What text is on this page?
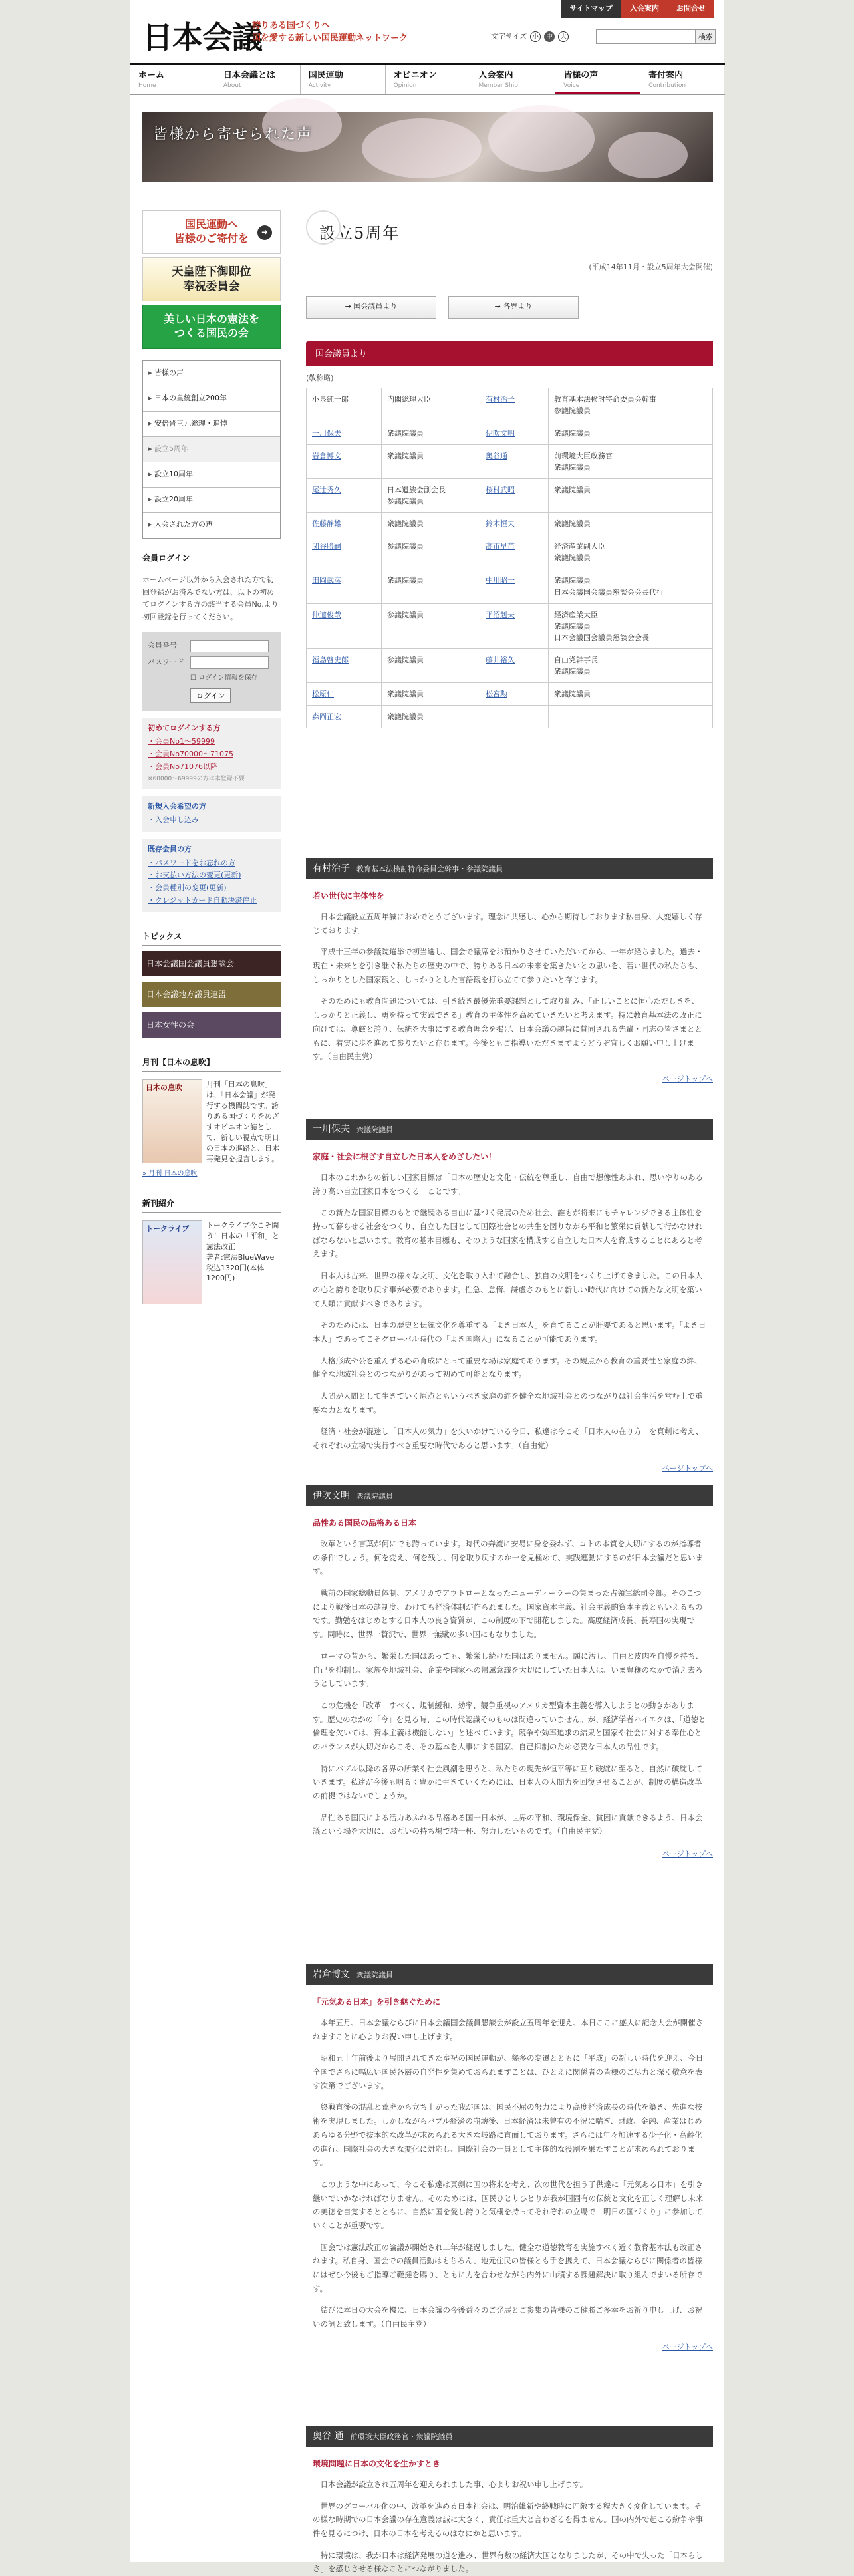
日本会議
誇りある国づくりへ
国を愛する新しい国民運動ネットワーク
サイトマップ	入会案内	お問合せ
文字サイズ 小	中	大	検索
ホーム
Home
日本会議とは
About
国民運動
Activity
オピニオン
Opinion
入会案内
Member Ship
皆様の声
Voice
寄付案内
Contribution
皆様から寄せられた声
国民運動へ
皆様のご寄付を	➜
天皇陛下御即位
奉祝委員会
美しい日本の憲法を
つくる国民の会
▸ 皆様の声
▸ 日本の皇統創立200年
▸ 安倍晋三元総理・追悼
▸ 設立5周年
▸ 設立10周年
▸ 設立20周年
▸ 入会された方の声
会員ログイン
ホームページ以外から入会された方で初回登録がお済みでない方は、以下の初めてログインする方の該当する会員No.より初回登録を行ってください。
会員番号
パスワード
☐ ログイン情報を保存
ログイン
初めてログインする方
・会員No1〜59999
・会員No70000〜71075
・会員No71076以降
※60000〜69999の方は本登録不要
新規入会希望の方
・入会申し込み
既存会員の方
・パスワードをお忘れの方
・お支払い方法の変更(更新)
・会員種別の変更(更新)
・クレジットカード自動決済停止
トピックス
日本会議国会議員懇談会
日本会議地方議員連盟
日本女性の会
月刊【日本の息吹】
日本の息吹	月刊「日本の息吹」は、「日本会議」が発行する機関誌です。誇りある国づくりをめざすオピニオン誌として、新しい視点で明日の日本の進路と、日本再発見を提言します。
» 月刊 日本の息吹
新刊紹介
トークライブ トークライブ今こそ問う！日本の「平和」と憲法改正
著者:憲法BlueWave
税込1320円(本体1200円)
設立5周年
(平成14年11月・設立5周年大会開催)
→ 国会議員より	→ 各界より
国会議員より
(敬称略)
小泉純一郎	内閣総理大臣	有村治子	教育基本法検討特命委員会幹事
参議院議員
一川保夫	衆議院議員	伊吹文明	衆議院議員
岩倉博文	衆議院議員	奥谷通	前環境大臣政務官
衆議院議員
尾辻秀久	日本遺族会副会長
参議院議員	桜村武昭	衆議院議員
佐藤静雄	衆議院議員	鈴木恒夫	衆議院議員
関谷勝嗣	参議院議員	高市早苗	経済産業副大臣
衆議院議員
田岡武彦	衆議院議員	中川昭一	衆議院議員
日本会議国会議員懇談会会長代行
仲道俊哉	参議院議員	平沼赳夫	経済産業大臣
衆議院議員
日本会議国会議員懇談会会長
福島啓史郎	参議院議員	藤井裕久	自由党幹事長
衆議院議員
松原仁	衆議院議員	松宮勲	衆議院議員
森岡正宏	衆議院議員		
有村治子 教育基本法検討特命委員会幹事・参議院議員
若い世代に主体性を
日本会議設立五周年誠におめでとうございます。理念に共感し、心から期待しております私自身、大変嬉しく存じております。
平成十三年の参議院選挙で初当選し、国会で議席をお預かりさせていただいてから、一年が経ちました。過去・現在・未来とを引き継ぐ私たちの歴史の中で、誇りある日本の未来を築きたいとの思いを、若い世代の私たちも、しっかりとした国家観と、しっかりとした言語観を打ち立てて参りたいと存じます。
そのためにも教育問題については、引き続き最優先重要課題として取り組み、「正しいことに恒心ただしきを、しっかりと正義し、勇を持って実践できる」教育の主体性を高めていきたいと考えます。特に教育基本法の改正に向けては、尊厳と誇り、伝統を大事にする教育理念を掲げ、日本会議の趣旨に賛同される先輩・同志の皆さまとともに、着実に歩を進めて参りたいと存じます。今後ともご指導いただきますようどうぞ宜しくお願い申し上げます。（自由民主党）
ページトップへ
一川保夫 衆議院議員
家庭・社会に根ざす自立した日本人をめざしたい！
日本のこれからの新しい国家目標は「日本の歴史と文化・伝統を尊重し、自由で想像性あふれ、思いやりのある誇り高い自立国家日本をつくる」ことです。
この新たな国家目標のもとで継続ある自由に基づく発展のため社会、誰もが将来にもチャレンジできる主体性を持って暮らせる社会をつくり、自立した国として国際社会との共生を図りながら平和と繁栄に貢献して行かなければならないと思います。教育の基本目標も、そのような国家を構成する自立した日本人を育成することにあると考えます。
日本人は古来、世界の様々な文明、文化を取り入れて融合し、独自の文明をつくり上げてきました。この日本人の心と誇りを取り戻す事が必要であります。性急、怠惰、謙虚さのもとに新しい時代に向けての新たな文明を築いて人類に貢献すべきであります。
そのためには、日本の歴史と伝統文化を尊重する「よき日本人」を育てることが肝要であると思います。「よき日本人」であってこそグローバル時代の「よき国際人」になることが可能であります。
人格形成や公を重んずる心の育成にとって重要な場は家庭であります。その観点から教育の重要性と家庭の絆、健全な地域社会とのつながりがあって初めて可能となります。
人間が人間として生きていく原点ともいうべき家庭の絆を健全な地域社会とのつながりは社会生活を営む上で重要な力となります。
経済・社会が混迷し「日本人の気力」を失いかけている今日、私達は今こそ「日本人の在り方」を真剣に考え、それぞれの立場で実行すべき重要な時代であると思います。（自由党）
ページトップへ
伊吹文明 衆議院議員
品性ある国民の品格ある日本
改革という言葉が何にでも跨っています。時代の奔流に安易に身を委ねず、コトの本質を大切にするのが指導者の条件でしょう。何を変え、何を残し、何を取り戻すのか一を見極めて、実践運動にするのが日本会議だと思います。
戦前の国家総動員体制、アメリカでアウトローとなったニューディーラーの集まった占領軍総司令部。そのこつにより戦後日本の諸制度、わけても経済体制が作られました。国家資本主義、社会主義的資本主義ともいえるものです。勤勉をはじめとする日本人の良き資質が、この制度の下で開花しました。高度経済成長、長寿国の実現です。同時に、世界一贅沢で、世界一無駄の多い国にもなりました。
ローマの昔から、繁栄した国はあっても、繁栄し続けた国はありません。願に汚し、自由と皮肉を自慢を持ち、自己を抑制し、家族や地域社会、企業や国家への帰属意識を大切にしていた日本人は、いま豊穣のなかで消え去ろうとしています。
この危機を「改革」すべく、規制緩和、効率、競争重視のアメリカ型資本主義を導入しようとの動きがあります。歴史のなかの「今」を見る時、この時代認識そのものは間違っていません。が、経済学者ハイエクは、「道徳と倫理を欠いては、資本主義は機能しない」と述べています。競争や効率追求の結果と国家や社会に対する奉仕心とのバランスが大切だからこそ、その基本を大事にする国家、自己抑制のため必要な日本人の品性です。
特にバブル以降の各界の所業や社会風潮を思うと、私たちの現先が恒平等に互り破綻に至ると、自然に破綻していきます。私達が今後も明るく豊かに生きていくためには、日本人の人間力を回復させることが、制度の構造改革の前提ではないでしょうか。
品性ある国民による活力あふれる品格ある国一日本が、世界の平和、環境保全、貧困に貢献できるよう、日本会議という場を大切に、お互いの持ち場で精一杯、努力したいものです。（自由民主党）
ページトップへ
岩倉博文 衆議院議員
「元気ある日本」を引き継ぐために
本年五月、日本会議ならびに日本会議国会議員懇談会が設立五周年を迎え、本日ここに盛大に記念大会が開催されますことに心よりお祝い申し上げます。
昭和五十年前後より展開されてきた奉祝の国民運動が、幾多の変遷とともに「平成」の新しい時代を迎え、今日全国でさらに幅広い国民各層の自発性を集めておられますことは、ひとえに関係者の皆様のご尽力と深く敬意を表す次第でございます。
終戦直後の混乱と荒廃から立ち上がった我が国は、国民不屈の努力により高度経済成長の時代を築き、先進な技術を実現しました。しかしながらバブル経済の崩壊後、日本経済は未曽有の不況に喘ぎ、財政、金融、産業はじめあらゆる分野で抜本的な改革が求められる大きな岐路に直面しております。さらには年々加速する少子化・高齢化の進行、国際社会の大きな変化に対応し、国際社会の一員として主体的な役割を果たすことが求められております。
このような中にあって、今こそ私達は真剣に国の将来を考え、次の世代を担う子供達に「元気ある日本」を引き継いでいかなければなりません。そのためには、国民ひとりひとりが我が国固有の伝統と文化を正しく理解し未来の美徳を自覚するとともに、自然に国を愛し誇りと気概を持ってそれぞれの立場で「明日の国づくり」に参加していくことが重要です。
国会では憲法改正の論議が開始され二年が経過しました。健全な道徳教育を実施すべく近く教育基本法も改正されます。私自身、国会での議員活動はもちろん、地元住民の皆様とも手を携えて、日本会議ならびに関係者の皆様にはぜひ今後もご指導ご鞭撻を賜り、ともに力を合わせながら内外に山積する課題解決に取り組んでまいる所存です。
結びに本日の大会を機に、日本会議の今後益々のご発展とご参集の皆様のご健勝ご多幸をお祈り申し上げ、お祝いの詞と致します。（自由民主党）
ページトップへ
奥谷 通 前環境大臣政務官・衆議院議員
環境問題に日本の文化を生かすとき
日本会議が設立され五周年を迎えられました事、心よりお祝い申し上げます。
世界のグローバル化の中、改革を進める日本社会は、明治維新や終戦時に匹敵する程大きく変化しています。その様な時期での日本会議の存在意義は誠に大きく、責任は重大と言わざるを得ません。国の内外で起こる紛争や事件を見るにつけ、日本の日本を考えるのはなにかと思います。
特に環境は、我が日本は経済発展の道を進み、世界有数の経済大国となりましたが、その中で失った「日本らしさ」を感じさせる様なことにつながりました。
